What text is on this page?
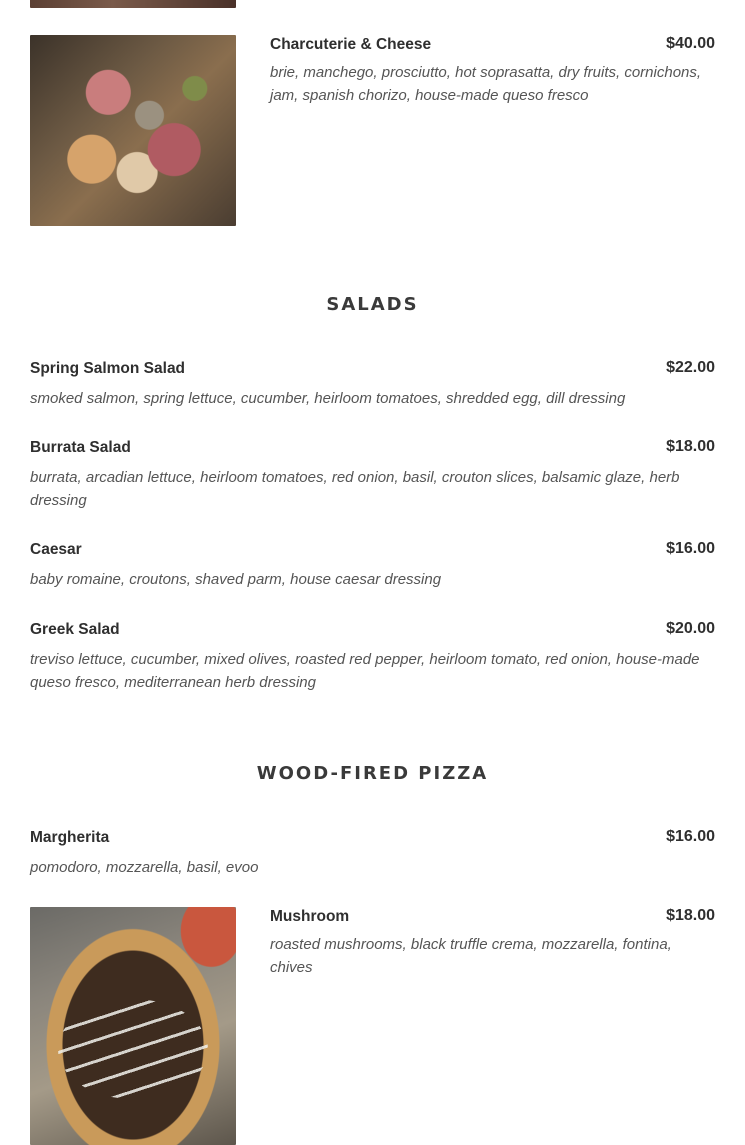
Charcuterie & Cheese	$40.00
brie, manchego, prosciutto, hot soprasatta, dry fruits, cornichons, jam, spanish chorizo, house-made queso fresco
SALADS
Spring Salmon Salad	$22.00
smoked salmon, spring lettuce, cucumber, heirloom tomatoes, shredded egg, dill dressing
Burrata Salad	$18.00
burrata, arcadian lettuce, heirloom tomatoes, red onion, basil, crouton slices, balsamic glaze, herb dressing
Caesar	$16.00
baby romaine, croutons, shaved parm, house caesar dressing
Greek Salad	$20.00
treviso lettuce, cucumber, mixed olives, roasted red pepper, heirloom tomato, red onion, house-made queso fresco, mediterranean herb dressing
WOOD-FIRED PIZZA
Margherita	$16.00
pomodoro, mozzarella, basil, evoo
Mushroom	$18.00
roasted mushrooms, black truffle crema, mozzarella, fontina, chives
